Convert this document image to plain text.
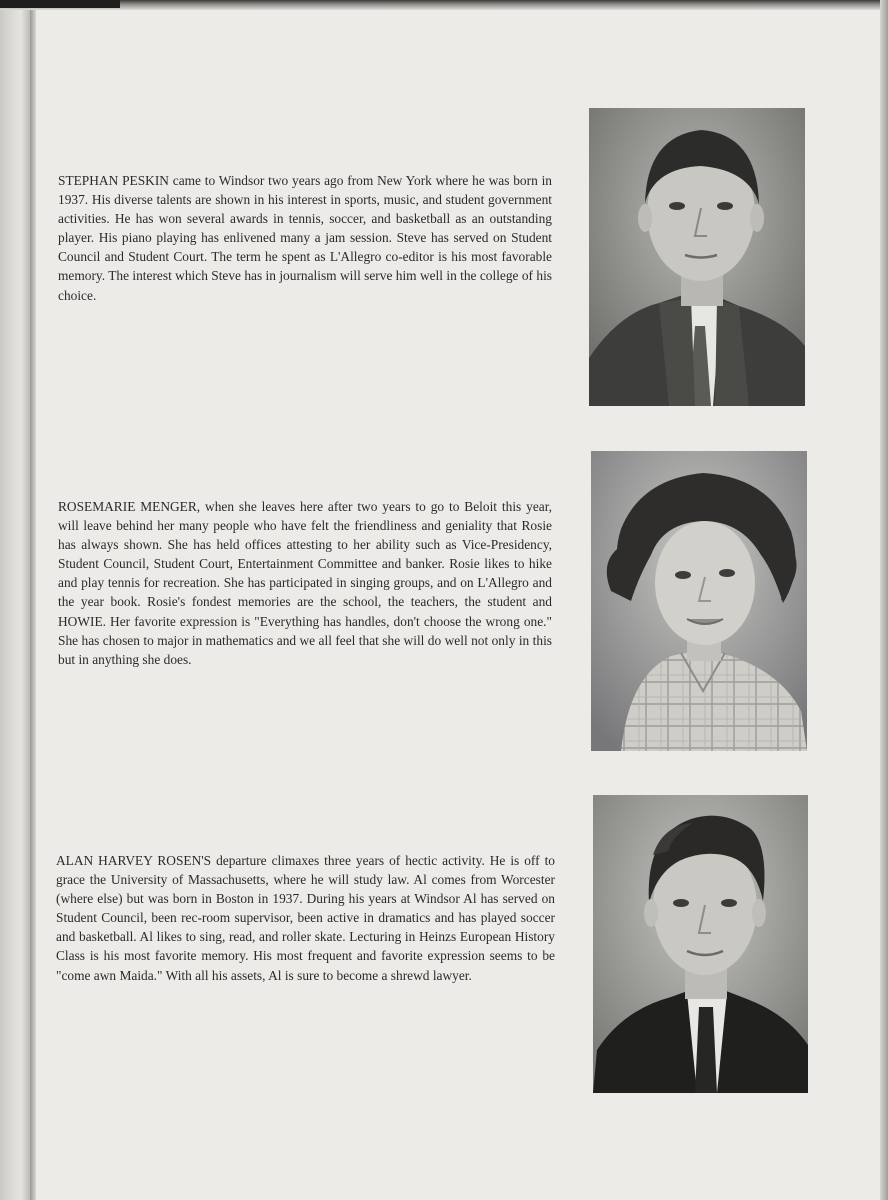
STEPHAN PESKIN came to Windsor two years ago from New York where he was born in 1937. His diverse talents are shown in his interest in sports, music, and student government activities. He has won several awards in tennis, soccer, and basketball as an outstanding player. His piano playing has enlivened many a jam session. Steve has served on Student Council and Student Court. The term he spent as L'Allegro co-editor is his most favorable memory. The interest which Steve has in journalism will serve him well in the college of his choice.

ROSEMARIE MENGER, when she leaves here after two years to go to Beloit this year, will leave behind her many people who have felt the friendliness and geniality that Rosie has always shown. She has held offices attesting to her ability such as Vice-Presidency, Student Council, Student Court, Entertainment Committee and banker. Rosie likes to hike and play tennis for recreation. She has participated in singing groups, and on L'Allegro and the year book. Rosie's fondest memories are the school, the teachers, the student and HOWIE. Her favorite expression is "Everything has handles, don't choose the wrong one." She has chosen to major in mathematics and we all feel that she will do well not only in this but in anything she does.

ALAN HARVEY ROSEN'S departure climaxes three years of hectic activity. He is off to grace the University of Massachusetts, where he will study law. Al comes from Worcester (where else) but was born in Boston in 1937. During his years at Windsor Al has served on Student Council, been rec-room supervisor, been active in dramatics and has played soccer and basketball. Al likes to sing, read, and roller skate. Lecturing in Heinzs European History Class is his most favorite memory. His most frequent and favorite expression seems to be "come awn Maida." With all his assets, Al is sure to become a shrewd lawyer.
